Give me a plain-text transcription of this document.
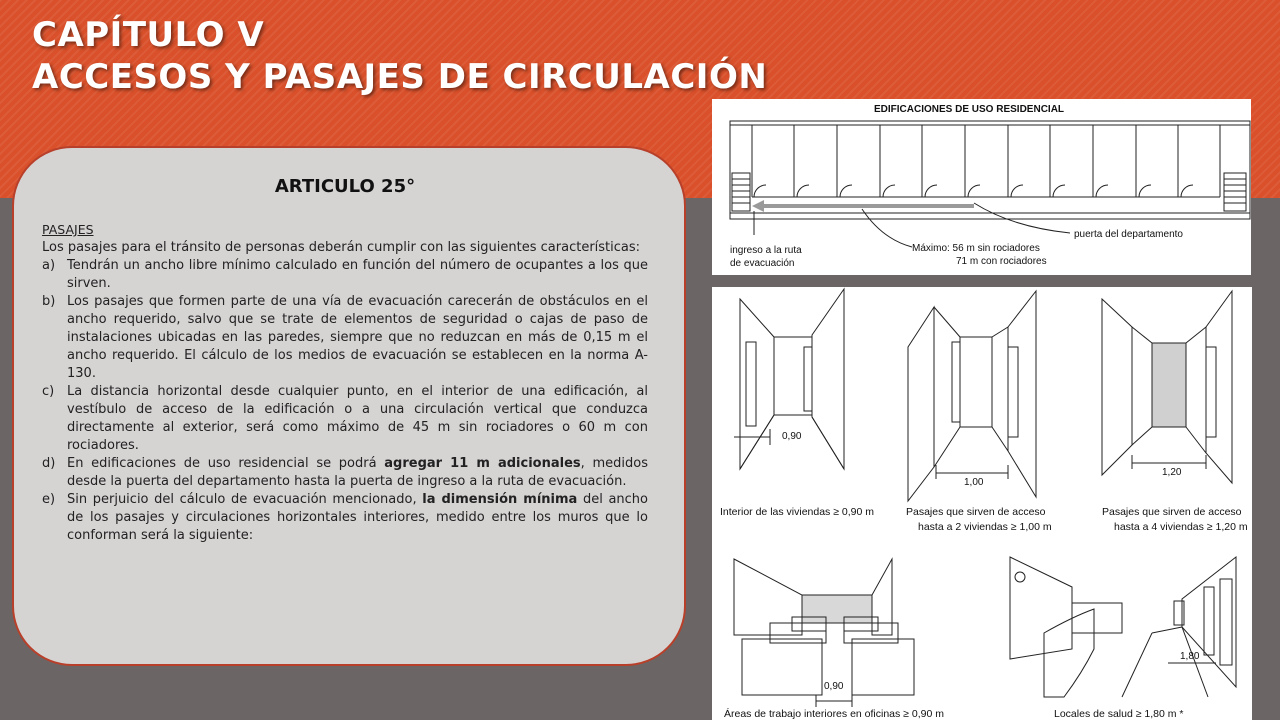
CAPÍTULO V
ACCESOS Y PASAJES DE CIRCULACIÓN
ARTICULO 25°

PASAJES

Los pasajes para el tránsito de personas deberán cumplir con las siguientes características:

a) Tendrán un ancho libre mínimo calculado en función del número de ocupantes a los que sirven.
b) Los pasajes que formen parte de una vía de evacuación carecerán de obstáculos en el ancho requerido, salvo que se trate de elementos de seguridad o cajas de paso de instalaciones ubicadas en las paredes, siempre que no reduzcan en más de 0,15 m el ancho requerido. El cálculo de los medios de evacuación se establecen en la norma A-130.
c) La distancia horizontal desde cualquier punto, en el interior de una edificación, al vestíbulo de acceso de la edificación o a una circulación vertical que conduzca directamente al exterior, será como máximo de 45 m sin rociadores o 60 m con rociadores.
d) En edificaciones de uso residencial se podrá agregar 11 m adicionales, medidos desde la puerta del departamento hasta la puerta de ingreso a la ruta de evacuación.
e) Sin perjuicio del cálculo de evacuación mencionado, la dimensión mínima del ancho de los pasajes y circulaciones horizontales interiores, medido entre los muros que lo conforman será la siguiente:
EDIFICACIONES DE USO RESIDENCIAL
ingreso a la ruta
de evacuación
Máximo: 56 m sin rociadores
71 m con rociadores
puerta del departamento
0,90
Interior de las viviendas ≥ 0,90 m
1,00
Pasajes que sirven de acceso
hasta a 2 viviendas ≥ 1,00 m
1,20
Pasajes que sirven de acceso
hasta a 4 viviendas ≥ 1,20 m
0,90
Áreas de trabajo interiores en oficinas ≥ 0,90 m
1,80
Locales de salud ≥ 1,80 m *
